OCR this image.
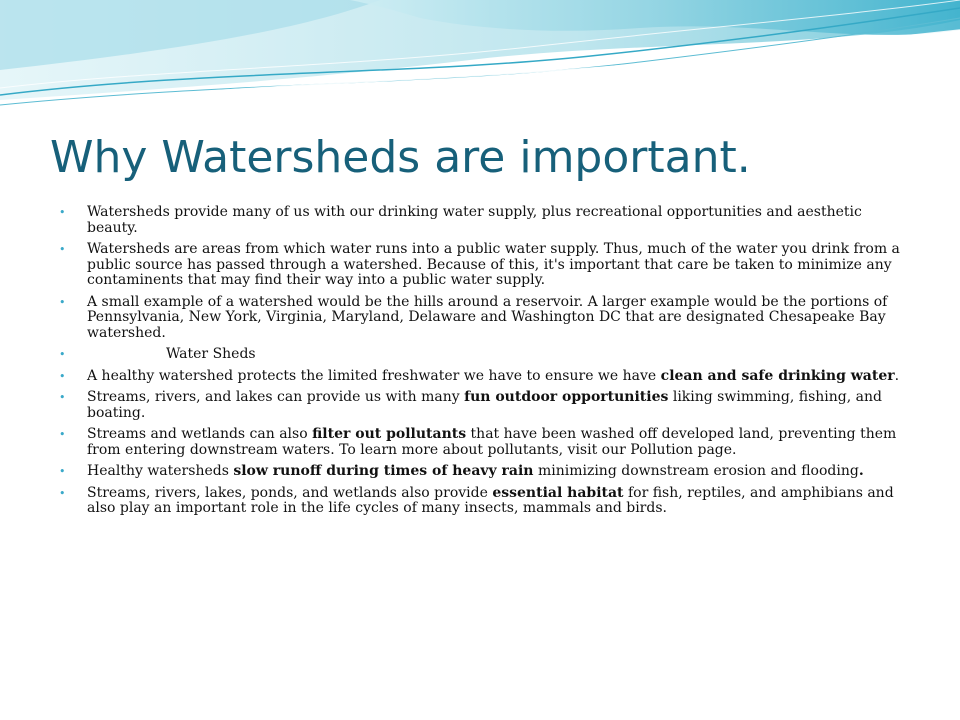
Why Watersheds are important.
• Watersheds provide many of us with our drinking water supply, plus recreational opportunities and aesthetic beauty.
• Watersheds are areas from which water runs into a public water supply. Thus, much of the water you drink from a public source has passed through a watershed. Because of this, it's important that care be taken to minimize any contaminents that may find their way into a public water supply.
• A small example of a watershed would be the hills around a reservoir. A larger example would be the portions of Pennsylvania, New York, Virginia, Maryland, Delaware and Washington DC that are designated Chesapeake Bay watershed.
•	Water Sheds
• A healthy watershed protects the limited freshwater we have to ensure we have clean and safe drinking water.
• Streams, rivers, and lakes can provide us with many fun outdoor opportunities liking swimming, fishing, and boating.
• Streams and wetlands can also filter out pollutants that have been washed off developed land, preventing them from entering downstream waters. To learn more about pollutants, visit our Pollution page.
• Healthy watersheds slow runoff during times of heavy rain minimizing downstream erosion and flooding.
• Streams, rivers, lakes, ponds, and wetlands also provide essential habitat for fish, reptiles, and amphibians and also play an important role in the life cycles of many insects, mammals and birds.
